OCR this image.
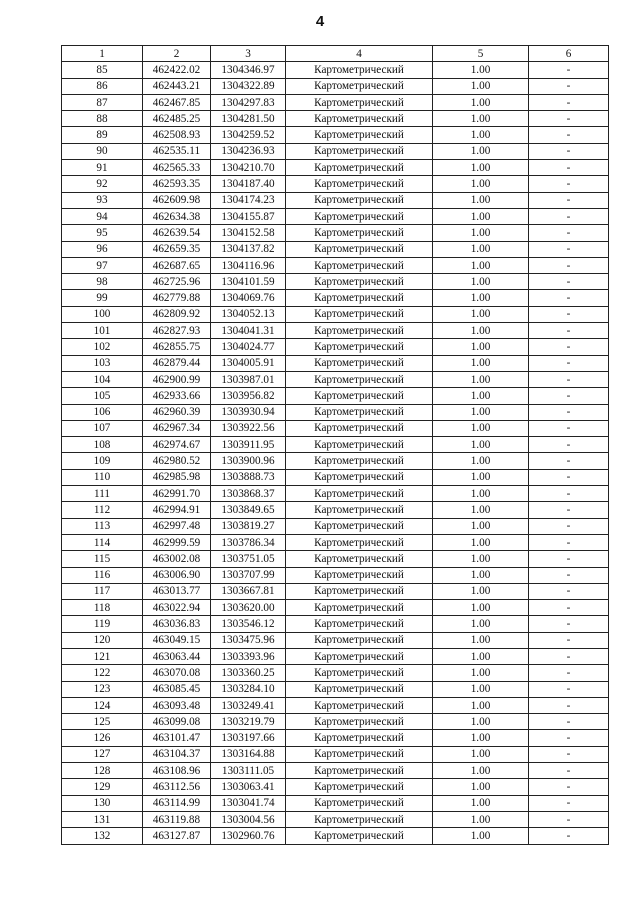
4
1	2	3	4	5	6
85	462422.02	1304346.97	Картометрический	1.00	-
86	462443.21	1304322.89	Картометрический	1.00	-
87	462467.85	1304297.83	Картометрический	1.00	-
88	462485.25	1304281.50	Картометрический	1.00	-
89	462508.93	1304259.52	Картометрический	1.00	-
90	462535.11	1304236.93	Картометрический	1.00	-
91	462565.33	1304210.70	Картометрический	1.00	-
92	462593.35	1304187.40	Картометрический	1.00	-
93	462609.98	1304174.23	Картометрический	1.00	-
94	462634.38	1304155.87	Картометрический	1.00	-
95	462639.54	1304152.58	Картометрический	1.00	-
96	462659.35	1304137.82	Картометрический	1.00	-
97	462687.65	1304116.96	Картометрический	1.00	-
98	462725.96	1304101.59	Картометрический	1.00	-
99	462779.88	1304069.76	Картометрический	1.00	-
100	462809.92	1304052.13	Картометрический	1.00	-
101	462827.93	1304041.31	Картометрический	1.00	-
102	462855.75	1304024.77	Картометрический	1.00	-
103	462879.44	1304005.91	Картометрический	1.00	-
104	462900.99	1303987.01	Картометрический	1.00	-
105	462933.66	1303956.82	Картометрический	1.00	-
106	462960.39	1303930.94	Картометрический	1.00	-
107	462967.34	1303922.56	Картометрический	1.00	-
108	462974.67	1303911.95	Картометрический	1.00	-
109	462980.52	1303900.96	Картометрический	1.00	-
110	462985.98	1303888.73	Картометрический	1.00	-
111	462991.70	1303868.37	Картометрический	1.00	-
112	462994.91	1303849.65	Картометрический	1.00	-
113	462997.48	1303819.27	Картометрический	1.00	-
114	462999.59	1303786.34	Картометрический	1.00	-
115	463002.08	1303751.05	Картометрический	1.00	-
116	463006.90	1303707.99	Картометрический	1.00	-
117	463013.77	1303667.81	Картометрический	1.00	-
118	463022.94	1303620.00	Картометрический	1.00	-
119	463036.83	1303546.12	Картометрический	1.00	-
120	463049.15	1303475.96	Картометрический	1.00	-
121	463063.44	1303393.96	Картометрический	1.00	-
122	463070.08	1303360.25	Картометрический	1.00	-
123	463085.45	1303284.10	Картометрический	1.00	-
124	463093.48	1303249.41	Картометрический	1.00	-
125	463099.08	1303219.79	Картометрический	1.00	-
126	463101.47	1303197.66	Картометрический	1.00	-
127	463104.37	1303164.88	Картометрический	1.00	-
128	463108.96	1303111.05	Картометрический	1.00	-
129	463112.56	1303063.41	Картометрический	1.00	-
130	463114.99	1303041.74	Картометрический	1.00	-
131	463119.88	1303004.56	Картометрический	1.00	-
132	463127.87	1302960.76	Картометрический	1.00	-
